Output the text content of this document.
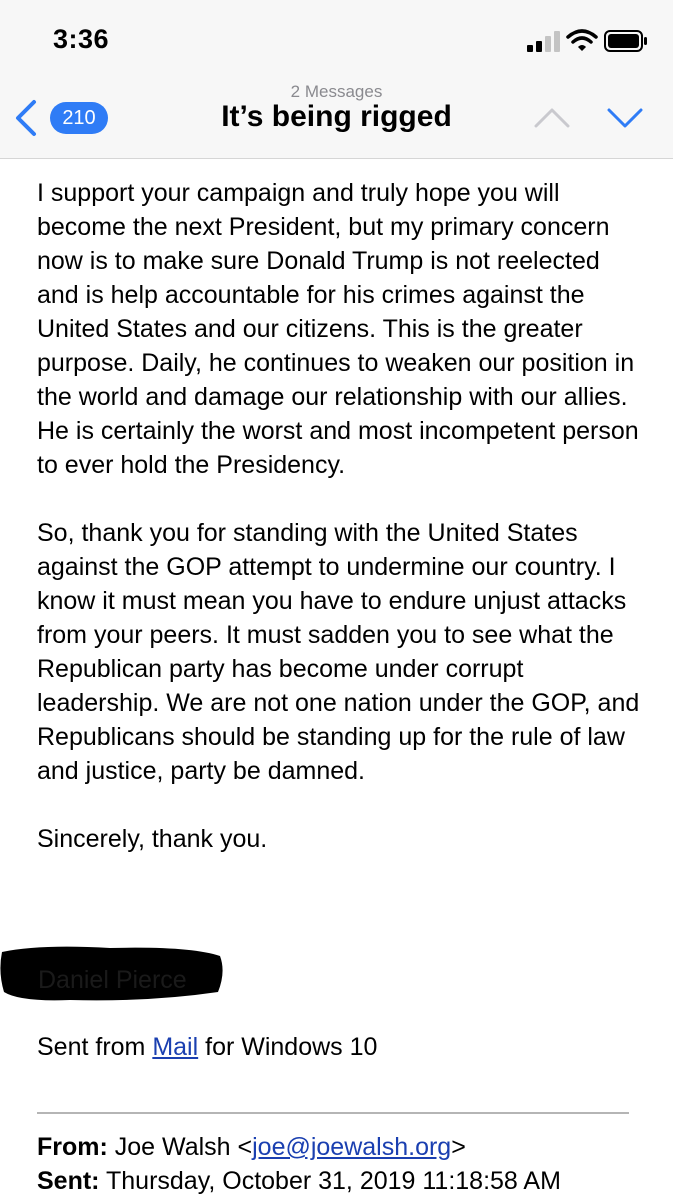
3:36
210
2 Messages
It’s being rigged

I support your campaign and truly hope you will become the next President, but my primary concern now is to make sure Donald Trump is not reelected and is help accountable for his crimes against the United States and our citizens. This is the greater purpose. Daily, he continues to weaken our position in the world and damage our relationship with our allies. He is certainly the worst and most incompetent person to ever hold the Presidency.

So, thank you for standing with the United States against the GOP attempt to undermine our country. I know it must mean you have to endure unjust attacks from your peers. It must sadden you to see what the Republican party has become under corrupt leadership. We are not one nation under the GOP, and Republicans should be standing up for the rule of law and justice, party be damned.

Sincerely, thank you.

Daniel Pierce
Sent from Mail for Windows 10
From: Joe Walsh <joe@joewalsh.org>
Sent: Thursday, October 31, 2019 11:18:58 AM
